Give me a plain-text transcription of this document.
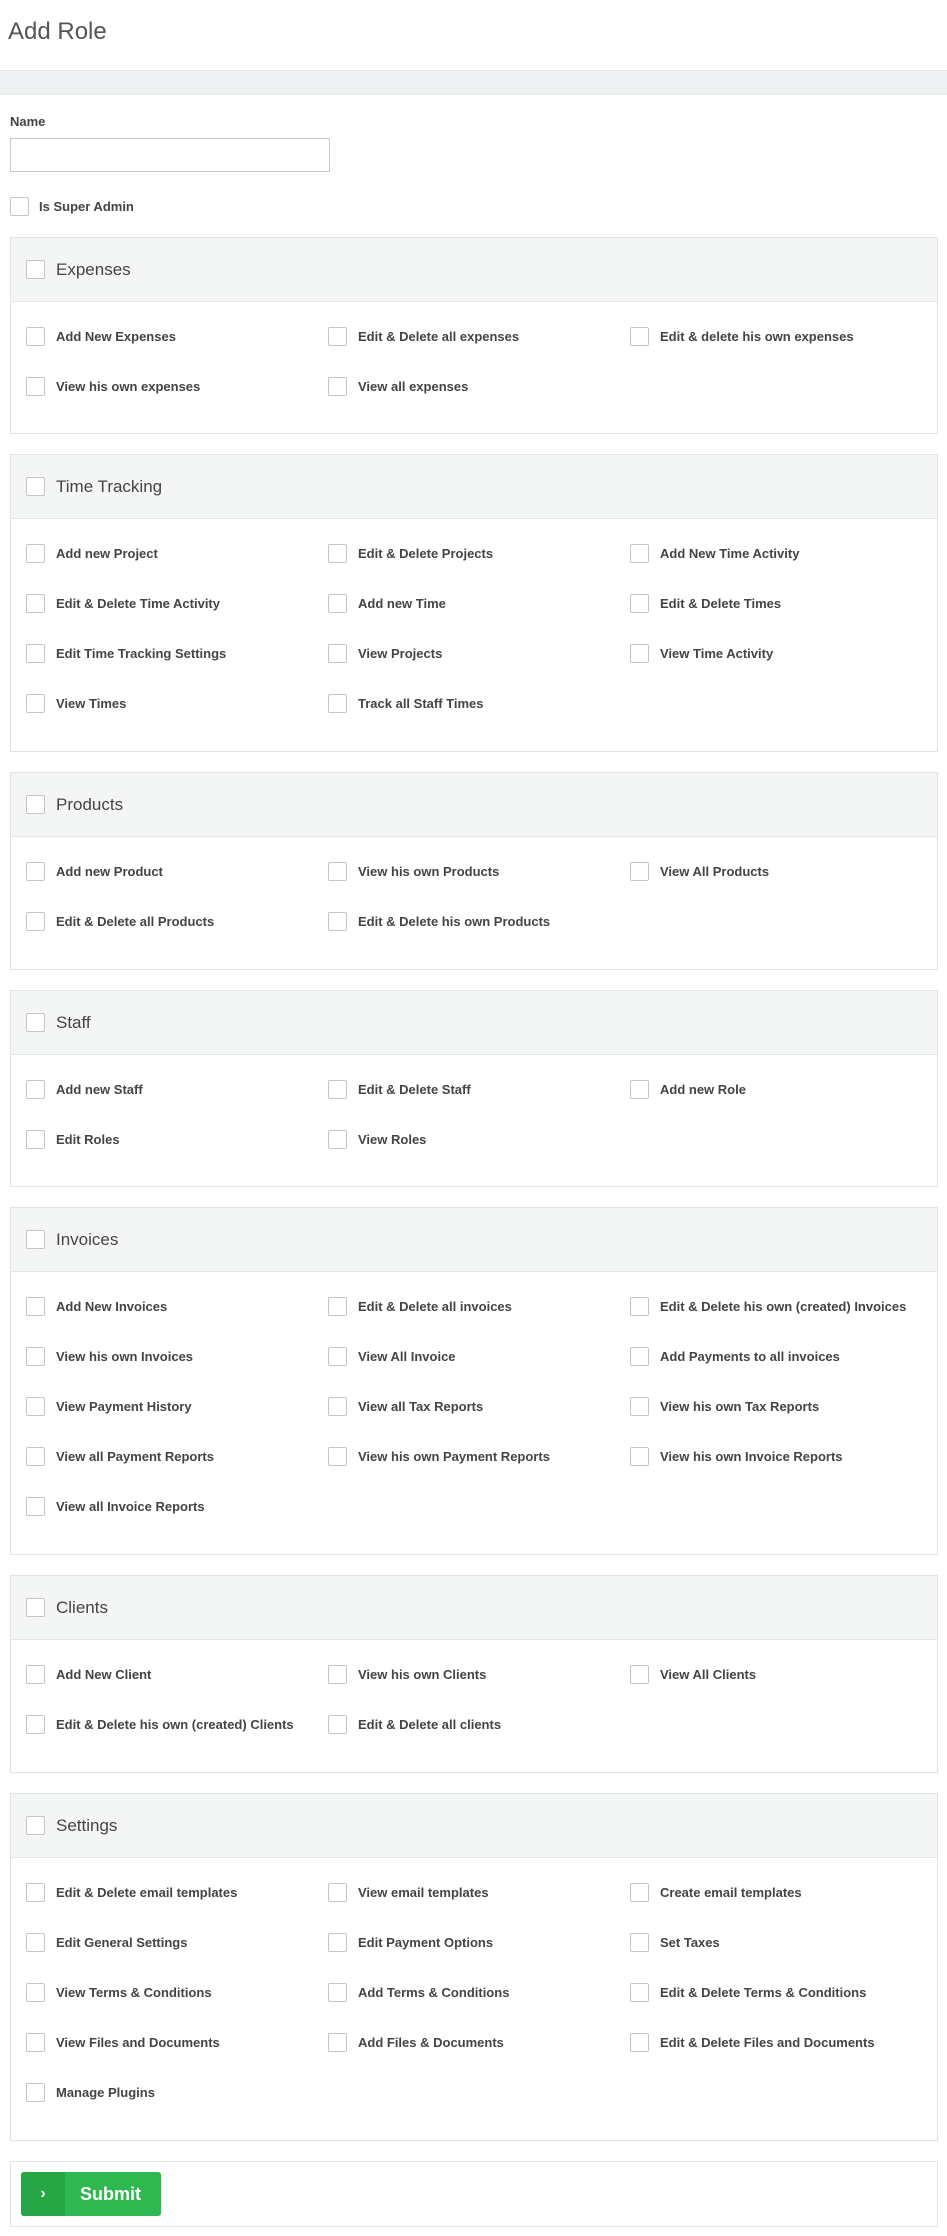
Add Role
Name
Is Super Admin
Expenses
Add New Expenses	Edit & Delete all expenses	Edit & delete his own expenses
View his own expenses	View all expenses
Time Tracking
Add new Project	Edit & Delete Projects	Add New Time Activity
Edit & Delete Time Activity	Add new Time	Edit & Delete Times
Edit Time Tracking Settings	View Projects	View Time Activity
View Times	Track all Staff Times
Products
Add new Product	View his own Products	View All Products
Edit & Delete all Products	Edit & Delete his own Products
Staff
Add new Staff	Edit & Delete Staff	Add new Role
Edit Roles	View Roles
Invoices
Add New Invoices	Edit & Delete all invoices	Edit & Delete his own (created) Invoices
View his own Invoices	View All Invoice	Add Payments to all invoices
View Payment History	View all Tax Reports	View his own Tax Reports
View all Payment Reports	View his own Payment Reports	View his own Invoice Reports
View all Invoice Reports
Clients
Add New Client	View his own Clients	View All Clients
Edit & Delete his own (created) Clients	Edit & Delete all clients
Settings
Edit & Delete email templates	View email templates	Create email templates
Edit General Settings	Edit Payment Options	Set Taxes
View Terms & Conditions	Add Terms & Conditions	Edit & Delete Terms & Conditions
View Files and Documents	Add Files & Documents	Edit & Delete Files and Documents
Manage Plugins
›	Submit
